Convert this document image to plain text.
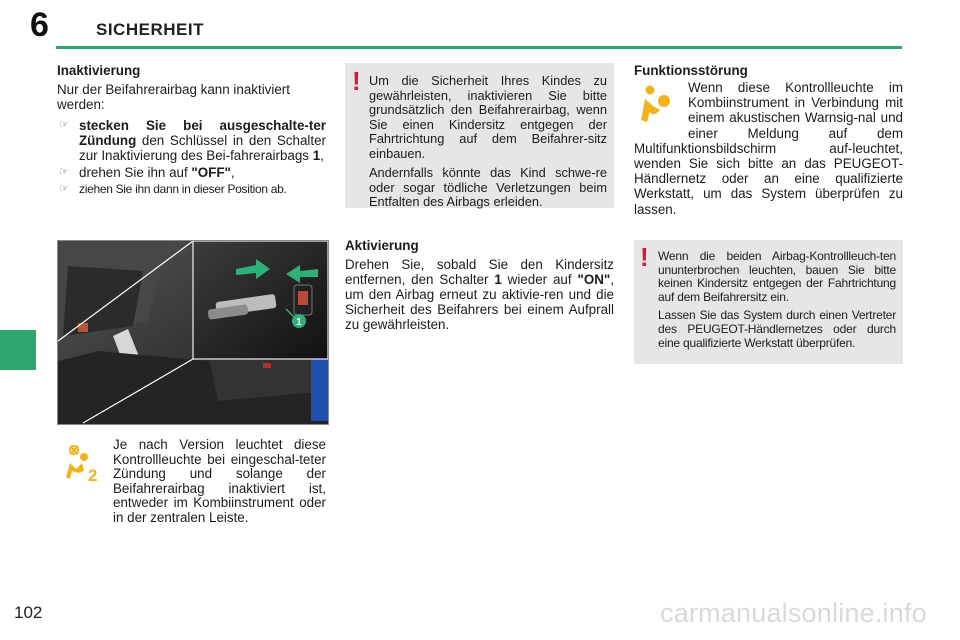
6	SICHERHEIT
Inaktivierung

Nur der Beifahrerairbag kann inaktiviert werden:

☞ stecken Sie bei ausgeschalte-ter Zündung den Schlüssel in den Schalter zur Inaktivierung des Bei-fahrerairbags 1,
☞ drehen Sie ihn auf "OFF",
☞ ziehen Sie ihn dann in dieser Position ab.
! Um die Sicherheit Ihres Kindes zu gewährleisten, inaktivieren Sie bitte grundsätzlich den Beifahrerairbag, wenn Sie einen Kindersitz entgegen der Fahrtrichtung auf dem Beifahrer-sitz einbauen.

Andernfalls könnte das Kind schwe-re oder sogar tödliche Verletzungen beim Entfalten des Airbags erleiden.

1
2
Je nach Version leuchtet diese Kontrollleuchte bei eingeschal-teter Zündung und solange der Beifahrerairbag inaktiviert ist, entweder im Kombiinstrument oder in der zentralen Leiste.
Aktivierung
Drehen Sie, sobald Sie den Kindersitz entfernen, den Schalter 1 wieder auf "ON", um den Airbag erneut zu aktivie-ren und die Sicherheit des Beifahrers bei einem Aufprall zu gewährleisten.
Funktionsstörung
Wenn diese Kontrollleuchte im Kombiinstrument in Verbindung mit einem akustischen Warnsig-nal und einer Meldung auf dem Multifunktionsbildschirm auf-leuchtet, wenden Sie sich bitte an das PEUGEOT-Händlernetz oder an eine qualifizierte Werkstatt, um das System überprüfen zu lassen.
! Wenn die beiden Airbag-Kontrollleuch-ten ununterbrochen leuchten, bauen Sie bitte keinen Kindersitz entgegen der Fahrtrichtung auf dem Beifahrersitz ein.

Lassen Sie das System durch einen Vertreter des PEUGEOT-Händlernetzes oder durch eine qualifizierte Werkstatt überprüfen.

102	carmanualsonline.info
